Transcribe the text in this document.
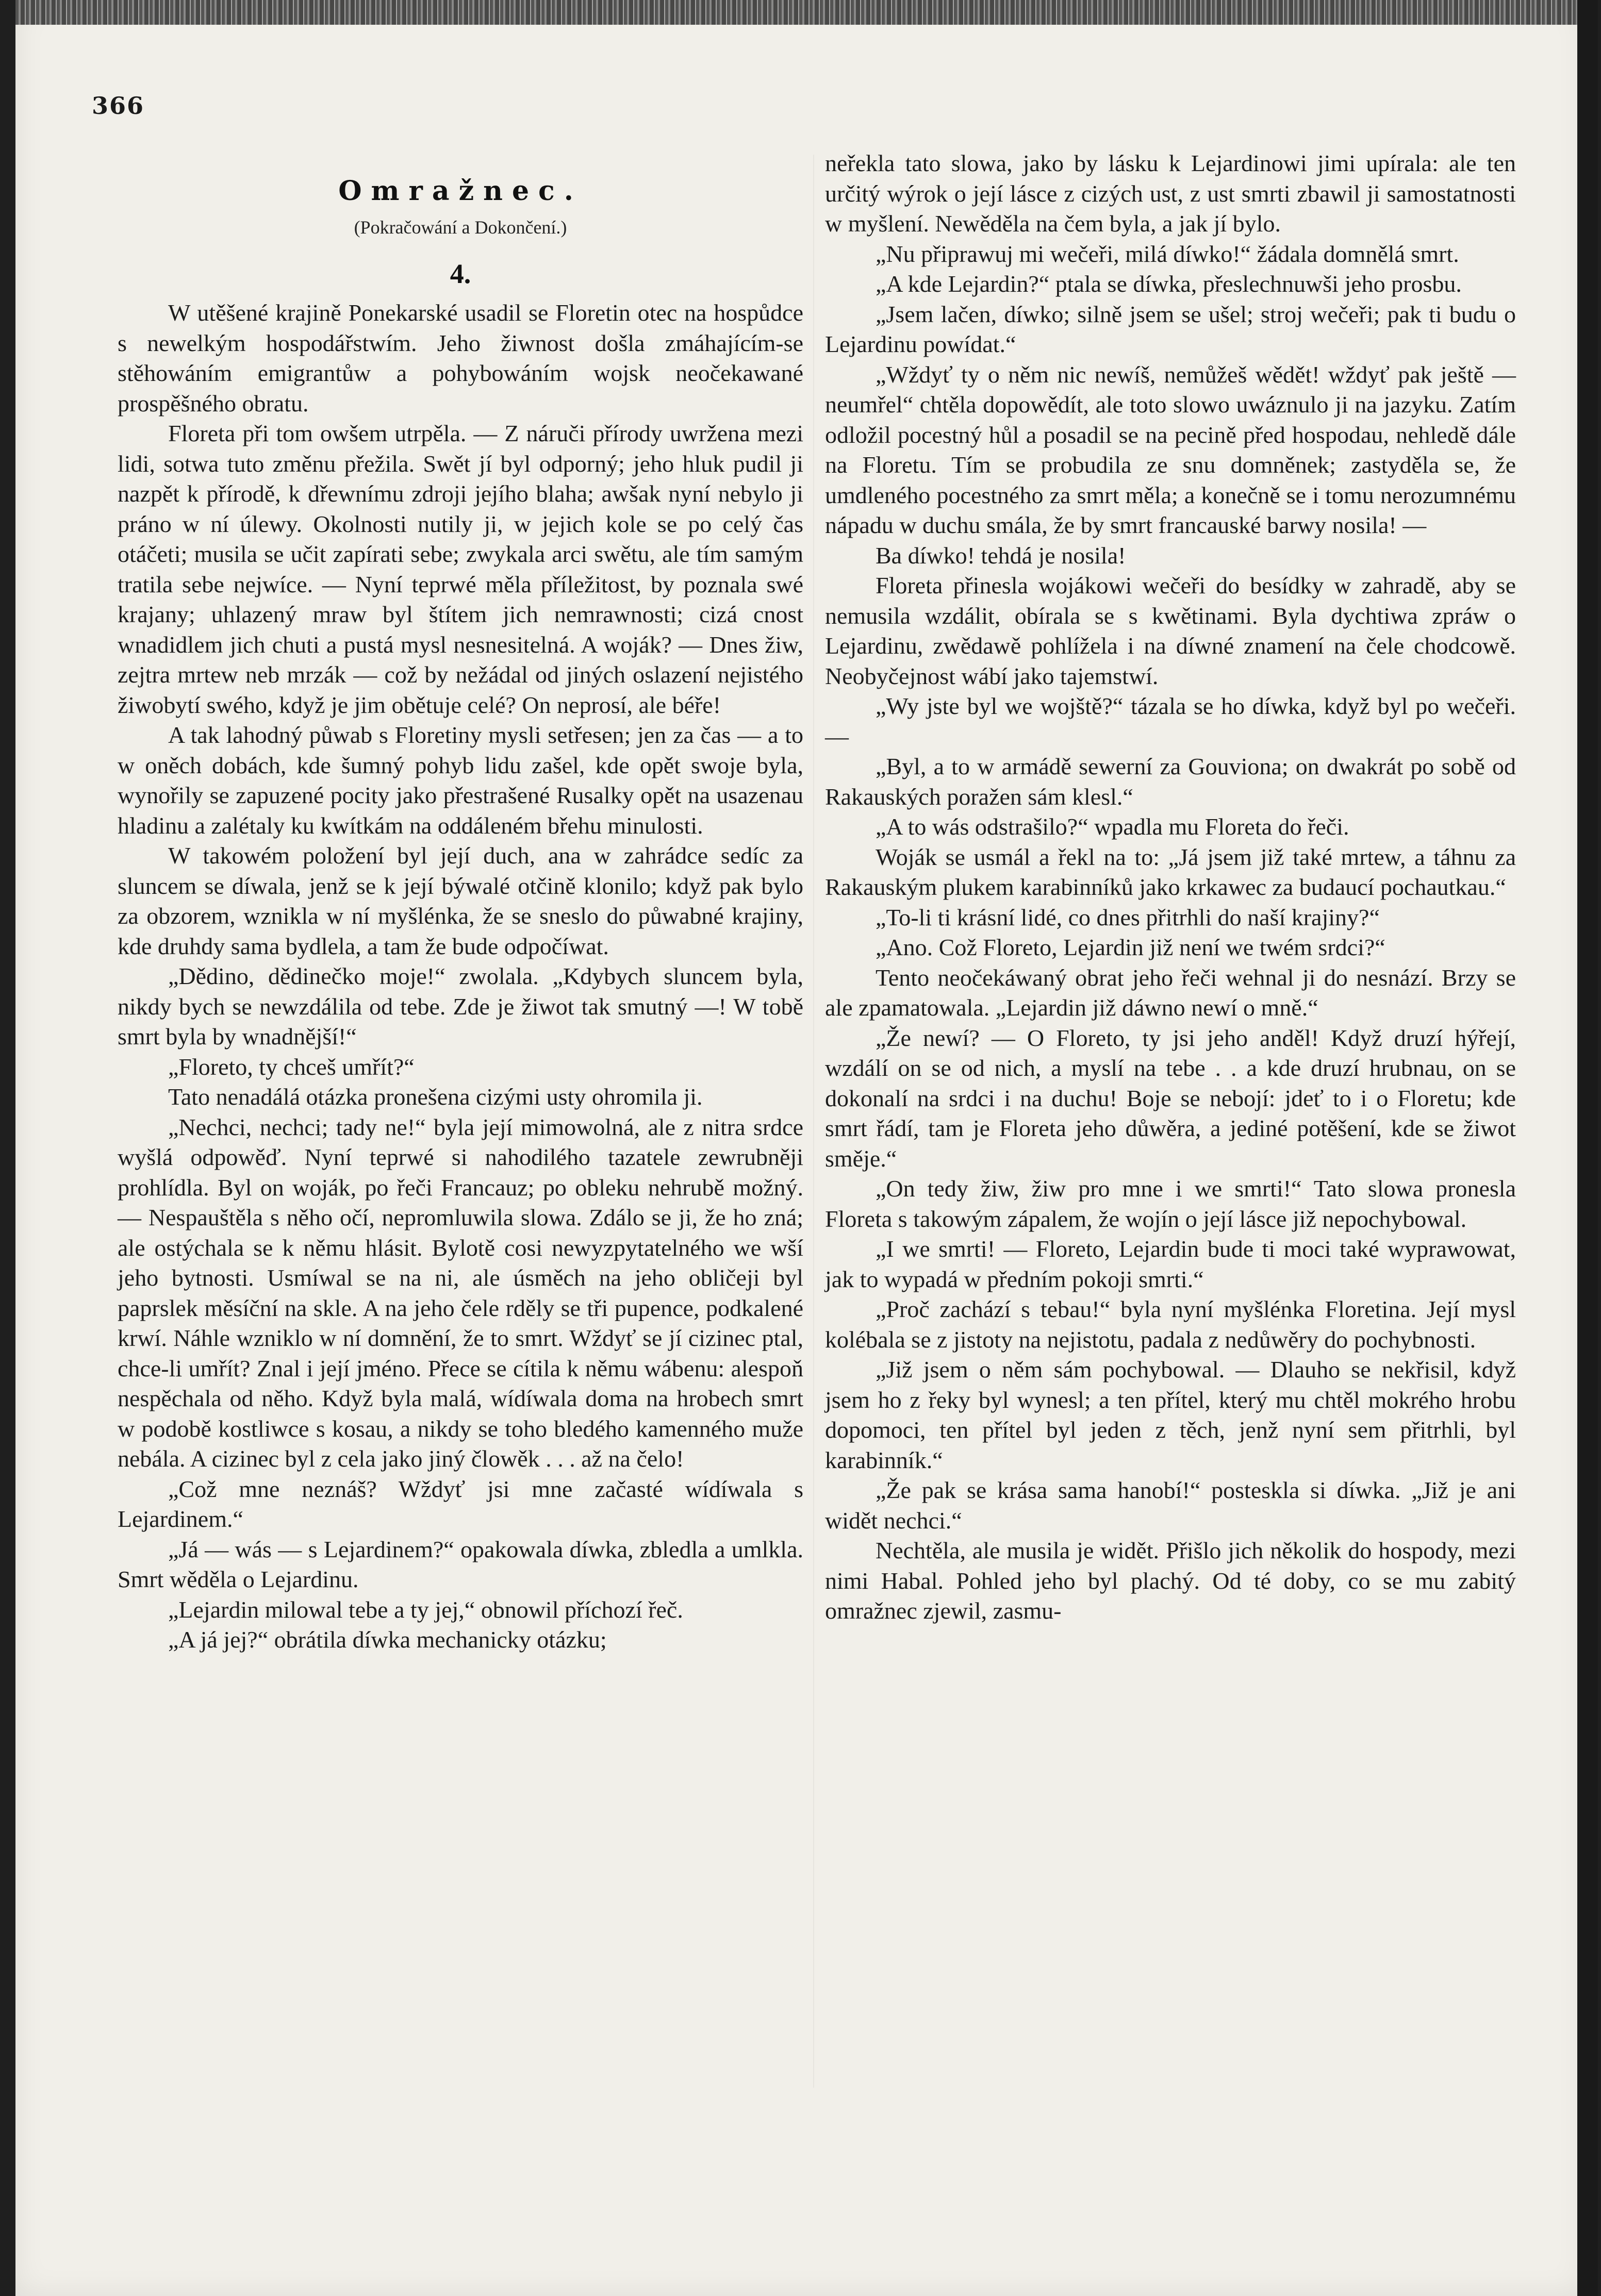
366
Omražnec.
(Pokračowání a Dokončení.)
4.

W utěšené krajině Ponekarské usadil se Floretin otec na hospůdce s newelkým hospodářstwím. Jeho žiwnost došla zmáhajícím-se stěhowáním emigrantůw a pohybowáním wojsk neočekawané prospěšného obratu.

Floreta při tom owšem utrpěla. — Z náruči přírody uwržena mezi lidi, sotwa tuto změnu přežila. Swět jí byl odporný; jeho hluk pudil ji nazpět k přírodě, k dřewnímu zdroji jejího blaha; awšak nyní nebylo ji práno w ní úlewy. Okolnosti nutily ji, w jejich kole se po celý čas otáčeti; musila se učit zapírati sebe; zwykala arci swětu, ale tím samým tratila sebe nejwíce. — Nyní teprwé měla příležitost, by poznala swé krajany; uhlazený mraw byl štítem jich nemrawnosti; cizá cnost wnadidlem jich chuti a pustá mysl nesnesitelná. A woják? — Dnes žiw, zejtra mrtew neb mrzák — což by nežádal od jiných oslazení nejistého žiwobytí swého, když je jim obětuje celé? On neprosí, ale béře!

A tak lahodný půwab s Floretiny mysli setřesen; jen za čas — a to w oněch dobách, kde šumný pohyb lidu zašel, kde opět swoje byla, wynořily se zapuzené pocity jako přestrašené Rusalky opět na usazenau hladinu a zalétaly ku kwítkám na oddáleném břehu minulosti.

W takowém položení byl její duch, ana w zahrádce sedíc za sluncem se díwala, jenž se k její býwalé otčině klonilo; když pak bylo za obzorem, wznikla w ní myšlénka, že se sneslo do půwabné krajiny, kde druhdy sama bydlela, a tam že bude odpočíwat.

„Dědino, dědinečko moje!“ zwolala. „Kdybych sluncem byla, nikdy bych se newzdálila od tebe. Zde je žiwot tak smutný —! W tobě smrt byla by wnadnější!“

„Floreto, ty chceš umřít?“

Tato nenadálá otázka pronešena cizými usty ohromila ji.

„Nechci, nechci; tady ne!“ byla její mimowolná, ale z nitra srdce wyšlá odpowěď. Nyní teprwé si nahodilého tazatele zewrubněji prohlídla. Byl on woják, po řeči Francauz; po obleku nehrubě možný. — Nespauštěla s něho očí, nepromluwila slowa. Zdálo se ji, že ho zná; ale ostýchala se k němu hlásit. Bylotě cosi newyzpytatelného we wší jeho bytnosti. Usmíwal se na ni, ale úsměch na jeho obličeji byl paprslek měsíční na skle. A na jeho čele rděly se tři pupence, podkalené krwí. Náhle wzniklo w ní domnění, že to smrt. Wždyť se jí cizinec ptal, chce-li umřít? Znal i její jméno. Přece se cítila k němu wábenu: alespoň nespěchala od něho. Když byla malá, wídíwala doma na hrobech smrt w podobě kostliwce s kosau, a nikdy se toho bledého kamenného muže nebála. A cizinec byl z cela jako jiný člowěk . . . až na čelo!

„Což mne neznáš? Wždyť jsi mne začasté wídíwala s Lejardinem.“

„Já — wás — s Lejardinem?“ opakowala díwka, zbledla a umlkla. Smrt wěděla o Lejardinu.

„Lejardin milowal tebe a ty jej,“ obnowil příchozí řeč.

„A já jej?“ obrátila díwka mechanicky otázku;

neřekla tato slowa, jako by lásku k Lejardinowi jimi upírala: ale ten určitý wýrok o její lásce z cizých ust, z ust smrti zbawil ji samostatnosti w myšlení. Newěděla na čem byla, a jak jí bylo.

„Nu připrawuj mi wečeři, milá díwko!“ žádala domnělá smrt.

„A kde Lejardin?“ ptala se díwka, přeslechnuwši jeho prosbu.

„Jsem lačen, díwko; silně jsem se ušel; stroj wečeři; pak ti budu o Lejardinu powídat.“

„Wždyť ty o něm nic newíš, nemůžeš wědět! wždyť pak ještě — neumřel“ chtěla dopowědít, ale toto slowo uwáznulo ji na jazyku. Zatím odložil pocestný hůl a posadil se na pecině před hospodau, nehledě dále na Floretu. Tím se probudila ze snu domněnek; zastyděla se, že umdleného pocestného za smrt měla; a konečně se i tomu nerozumnému nápadu w duchu smála, že by smrt francauské barwy nosila! —

Ba díwko! tehdá je nosila!

Floreta přinesla wojákowi wečeři do besídky w zahradě, aby se nemusila wzdálit, obírala se s kwětinami. Byla dychtiwa zpráw o Lejardinu, zwědawě pohlížela i na díwné znamení na čele chodcowě. Neobyčejnost wábí jako tajemstwí.

„Wy jste byl we wojště?“ tázala se ho díwka, když byl po wečeři. —

„Byl, a to w armádě sewerní za Gouviona; on dwakrát po sobě od Rakauských poražen sám klesl.“

„A to wás odstrašilo?“ wpadla mu Floreta do řeči.

Woják se usmál a řekl na to: „Já jsem již také mrtew, a táhnu za Rakauským plukem karabinníků jako krkawec za budaucí pochautkau.“

„To-li ti krásní lidé, co dnes přitrhli do naší krajiny?“

„Ano. Což Floreto, Lejardin již není we twém srdci?“

Tento neočekáwaný obrat jeho řeči wehnal ji do nesnází. Brzy se ale zpamatowala. „Lejardin již dáwno newí o mně.“

„Že newí? — O Floreto, ty jsi jeho anděl! Když druzí hýřejí, wzdálí on se od nich, a myslí na tebe . . a kde druzí hrubnau, on se dokonalí na srdci i na duchu! Boje se nebojí: jdeť to i o Floretu; kde smrt řádí, tam je Floreta jeho důwěra, a jediné potěšení, kde se žiwot směje.“

„On tedy žiw, žiw pro mne i we smrti!“ Tato slowa pronesla Floreta s takowým zápalem, že wojín o její lásce již nepochybowal.

„I we smrti! — Floreto, Lejardin bude ti moci také wyprawowat, jak to wypadá w předním pokoji smrti.“

„Proč zachází s tebau!“ byla nyní myšlénka Floretina. Její mysl kolébala se z jistoty na nejistotu, padala z nedůwěry do pochybnosti.

„Již jsem o něm sám pochybowal. — Dlauho se nekřisil, když jsem ho z řeky byl wynesl; a ten přítel, který mu chtěl mokrého hrobu dopomoci, ten přítel byl jeden z těch, jenž nyní sem přitrhli, byl karabinník.“

„Že pak se krása sama hanobí!“ posteskla si díwka. „Již je ani widět nechci.“

Nechtěla, ale musila je widět. Přišlo jich několik do hospody, mezi nimi Habal. Pohled jeho byl plachý. Od té doby, co se mu zabitý omražnec zjewil, zasmu-
